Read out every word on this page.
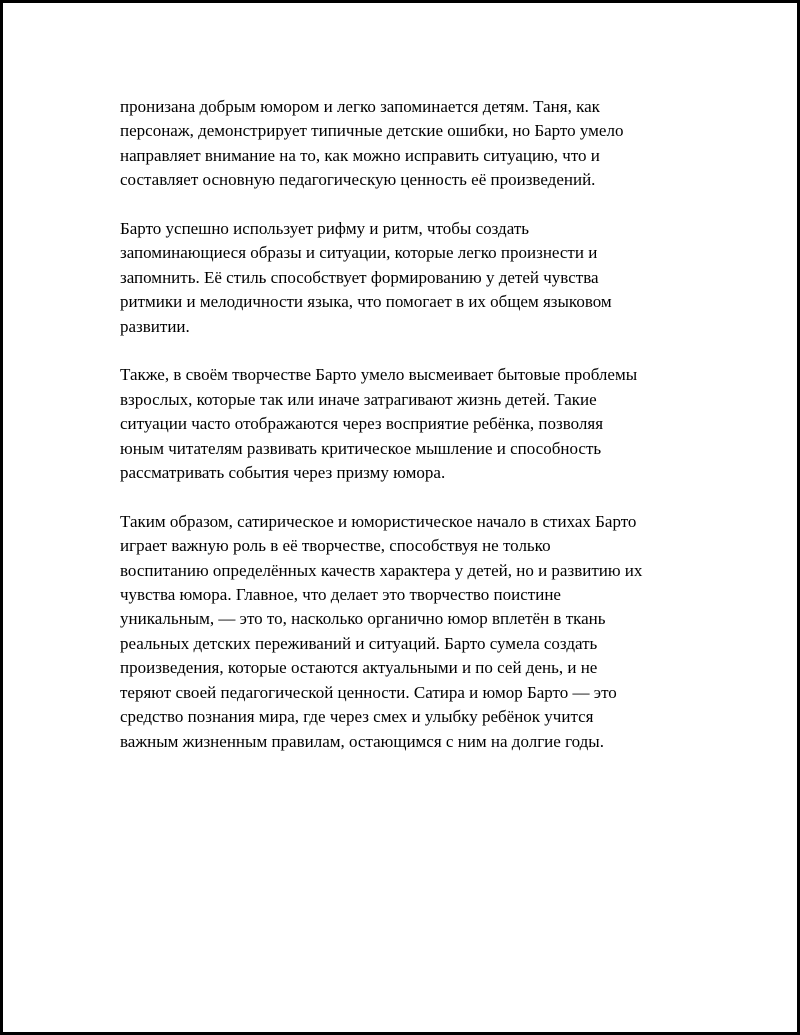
пронизана добрым юмором и легко запоминается детям. Таня, как
персонаж, демонстрирует типичные детские ошибки, но Барто умело
направляет внимание на то, как можно исправить ситуацию, что и
составляет основную педагогическую ценность её произведений.

Барто успешно использует рифму и ритм, чтобы создать
запоминающиеся образы и ситуации, которые легко произнести и
запомнить. Её стиль способствует формированию у детей чувства
ритмики и мелодичности языка, что помогает в их общем языковом
развитии.

Также, в своём творчестве Барто умело высмеивает бытовые проблемы
взрослых, которые так или иначе затрагивают жизнь детей. Такие
ситуации часто отображаются через восприятие ребёнка, позволяя
юным читателям развивать критическое мышление и способность
рассматривать события через призму юмора.

Таким образом, сатирическое и юмористическое начало в стихах Барто
играет важную роль в её творчестве, способствуя не только
воспитанию определённых качеств характера у детей, но и развитию их
чувства юмора. Главное, что делает это творчество поистине
уникальным, — это то, насколько органично юмор вплетён в ткань
реальных детских переживаний и ситуаций. Барто сумела создать
произведения, которые остаются актуальными и по сей день, и не
теряют своей педагогической ценности. Сатира и юмор Барто — это
средство познания мира, где через смех и улыбку ребёнок учится
важным жизненным правилам, остающимся с ним на долгие годы.
